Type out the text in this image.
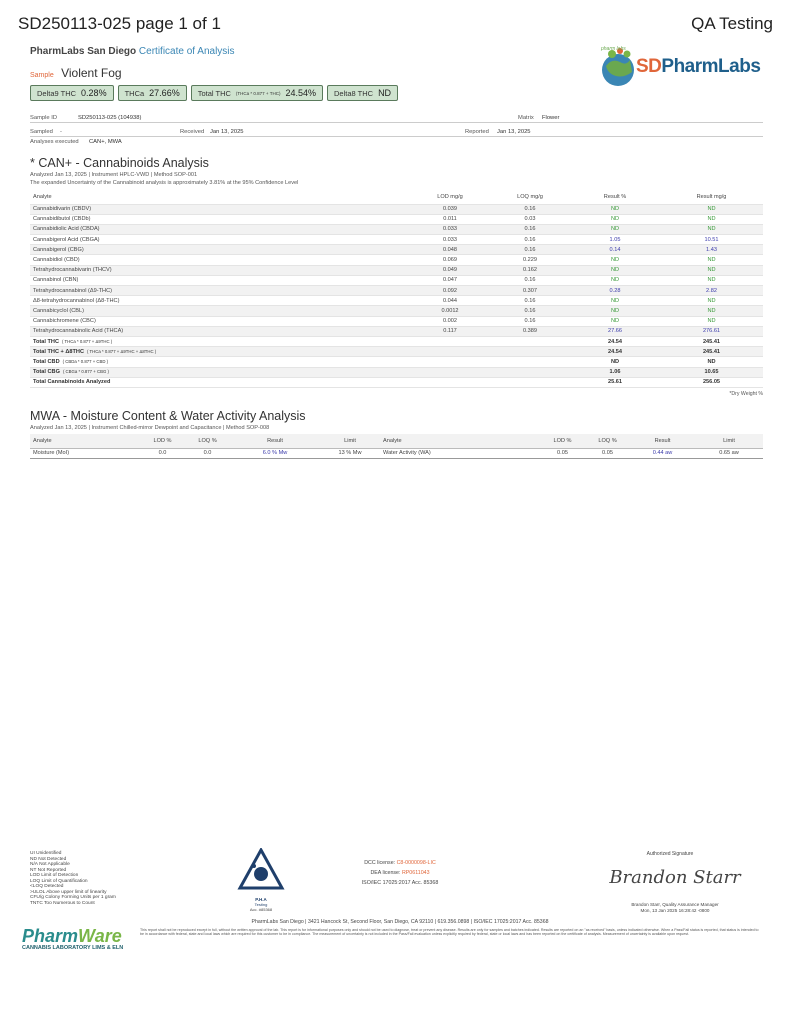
SD250113-025 page 1 of 1	QA Testing
PharmLabs San Diego Certificate of Analysis
Sample Violent Fog
Delta9 THC 0.28% THCa 27.66% Total THC (THCa * 0.877 + THC) 24.54% Delta8 THC ND
SDPharmLabs
pharm labs
Sample ID	SD250113-025 (104938)	Matrix	Flower
Sampled	-	Received	Jan 13, 2025	Reported	Jan 13, 2025
Analyses executed	CAN+, MWA
* CAN+ - Cannabinoids Analysis
Analyzed Jan 13, 2025 | Instrument HPLC-VWD | Method SOP-001
The expanded Uncertainty of the Cannabinoid analysis is approximately 3.81% at the 95% Confidence Level
Analyte	LOD mg/g	LOQ mg/g	Result %	Result mg/g
Cannabidivarin (CBDV)	0.039	0.16	ND	ND
Cannabidibutol (CBDb)	0.011	0.03	ND	ND
Cannabidiolic Acid (CBDA)	0.033	0.16	ND	ND
Cannabigerol Acid (CBGA)	0.033	0.16	1.05	10.51
Cannabigerol (CBG)	0.048	0.16	0.14	1.43
Cannabidiol (CBD)	0.069	0.229	ND	ND
Tetrahydrocannabivarin (THCV)	0.049	0.162	ND	ND
Cannabinol (CBN)	0.047	0.16	ND	ND
Tetrahydrocannabinol (Δ9-THC)	0.092	0.307	0.28	2.82
Δ8-tetrahydrocannabinol (Δ8-THC)	0.044	0.16	ND	ND
Cannabicyclol (CBL)	0.0012	0.16	ND	ND
Cannabichromene (CBC)	0.002	0.16	ND	ND
Tetrahydrocannabinolic Acid (THCA)	0.117	0.389	27.66	276.61
Total THC ( THCa * 0.877 + Δ9THC )			24.54	245.41
Total THC + Δ8THC ( THCa * 0.877 + Δ9THC + Δ8THC )			24.54	245.41
Total CBD ( CBDa * 0.877 + CBD )			ND	ND
Total CBG ( CBGa * 0.877 + CBG )			1.06	10.65
Total Cannabinoids Analyzed			25.61	256.05
*Dry Weight %
MWA - Moisture Content & Water Activity Analysis
Analyzed Jan 13, 2025 | Instrument Chilled-mirror Dewpoint and Capacitance | Method SOP-008
Analyte	LOD %	LOQ %	Result	Limit	Analyte	LOD %	LOQ %	Result	Limit
Moisture (MoI)	0.0	0.0	6.0 % Mw	13 % Mw	Water Activity (WA)	0.05	0.05	0.44 aw	0.65 aw
UI Unidentified
ND Not Detected
N/A Not Applicable
NT Not Reported
LOD Limit of Detection
LOQ Limit of Quantification
<LOQ Detected
>ULOL Above upper limit of linearity
CFU/g Colony Forming Units per 1 gram
TNTC Too Numerous to Count
P.H.A
Testing
Acc. #85368
DCC license: C8-0000098-LIC
DEA license: RP0611043
ISO/IEC 17025:2017 Acc. 85368
Authorized Signature
Brandon Starr
Brandon Starr, Quality Assurance Manager
Mon, 13 Jan 2025 16:28:42 -0800
PharmLabs San Diego | 3421 Hancock St, Second Floor, San Diego, CA 92110 | 619.356.0898 | ISO/IEC 17025:2017 Acc. 85368
This report shall not be reproduced except in full, without the written approval of the lab. This report is for informational purposes only and should not be used to diagnose, treat or prevent any disease. Results are only for samples and batches indicated. Results are reported on an "as received" basis, unless indicated otherwise. When a Pass/Fail status is reported, that status is intended to be in accordance with federal, state and local laws which are required for this customer to be in compliance. The measurement of uncertainty is not included in the Pass/Fail evaluation unless explicitly required by federal, state or local laws and has been reported on the certificate of analysis. Measurement of uncertainty is available upon request.
PharmWare
CANNABIS LABORATORY LIMS & ELN
